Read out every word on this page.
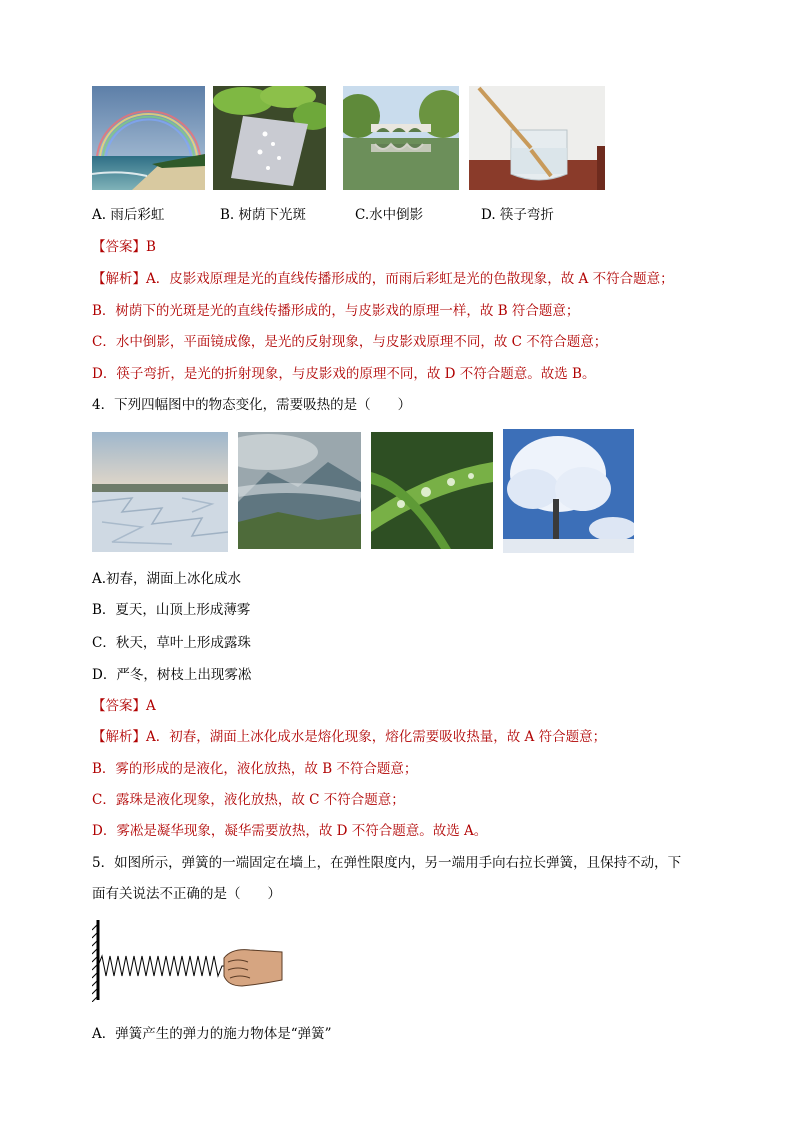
A. 雨后彩虹	B. 树荫下光斑	C.水中倒影	D. 筷子弯折
【答案】B
【解析】A．皮影戏原理是光的直线传播形成的，而雨后彩虹是光的色散现象，故 A 不符合题意；
B．树荫下的光斑是光的直线传播形成的，与皮影戏的原理一样，故 B 符合题意；
C．水中倒影，平面镜成像，是光的反射现象，与皮影戏原理不同，故 C 不符合题意；
D．筷子弯折，是光的折射现象，与皮影戏的原理不同，故 D 不符合题意。故选 B。
4．下列四幅图中的物态变化，需要吸热的是（　　）
A.初春，湖面上冰化成水
B．夏天，山顶上形成薄雾
C．秋天，草叶上形成露珠
D．严冬，树枝上出现雾凇
【答案】A
【解析】A．初春，湖面上冰化成水是熔化现象，熔化需要吸收热量，故 A 符合题意；
B．雾的形成的是液化，液化放热，故 B 不符合题意；
C．露珠是液化现象，液化放热，故 C 不符合题意；
D．雾凇是凝华现象，凝华需要放热，故 D 不符合题意。故选 A。
5．如图所示，弹簧的一端固定在墙上，在弹性限度内，另一端用手向右拉长弹簧，且保持不动，下
面有关说法不正确的是（　　）
A．弹簧产生的弹力的施力物体是“弹簧”
